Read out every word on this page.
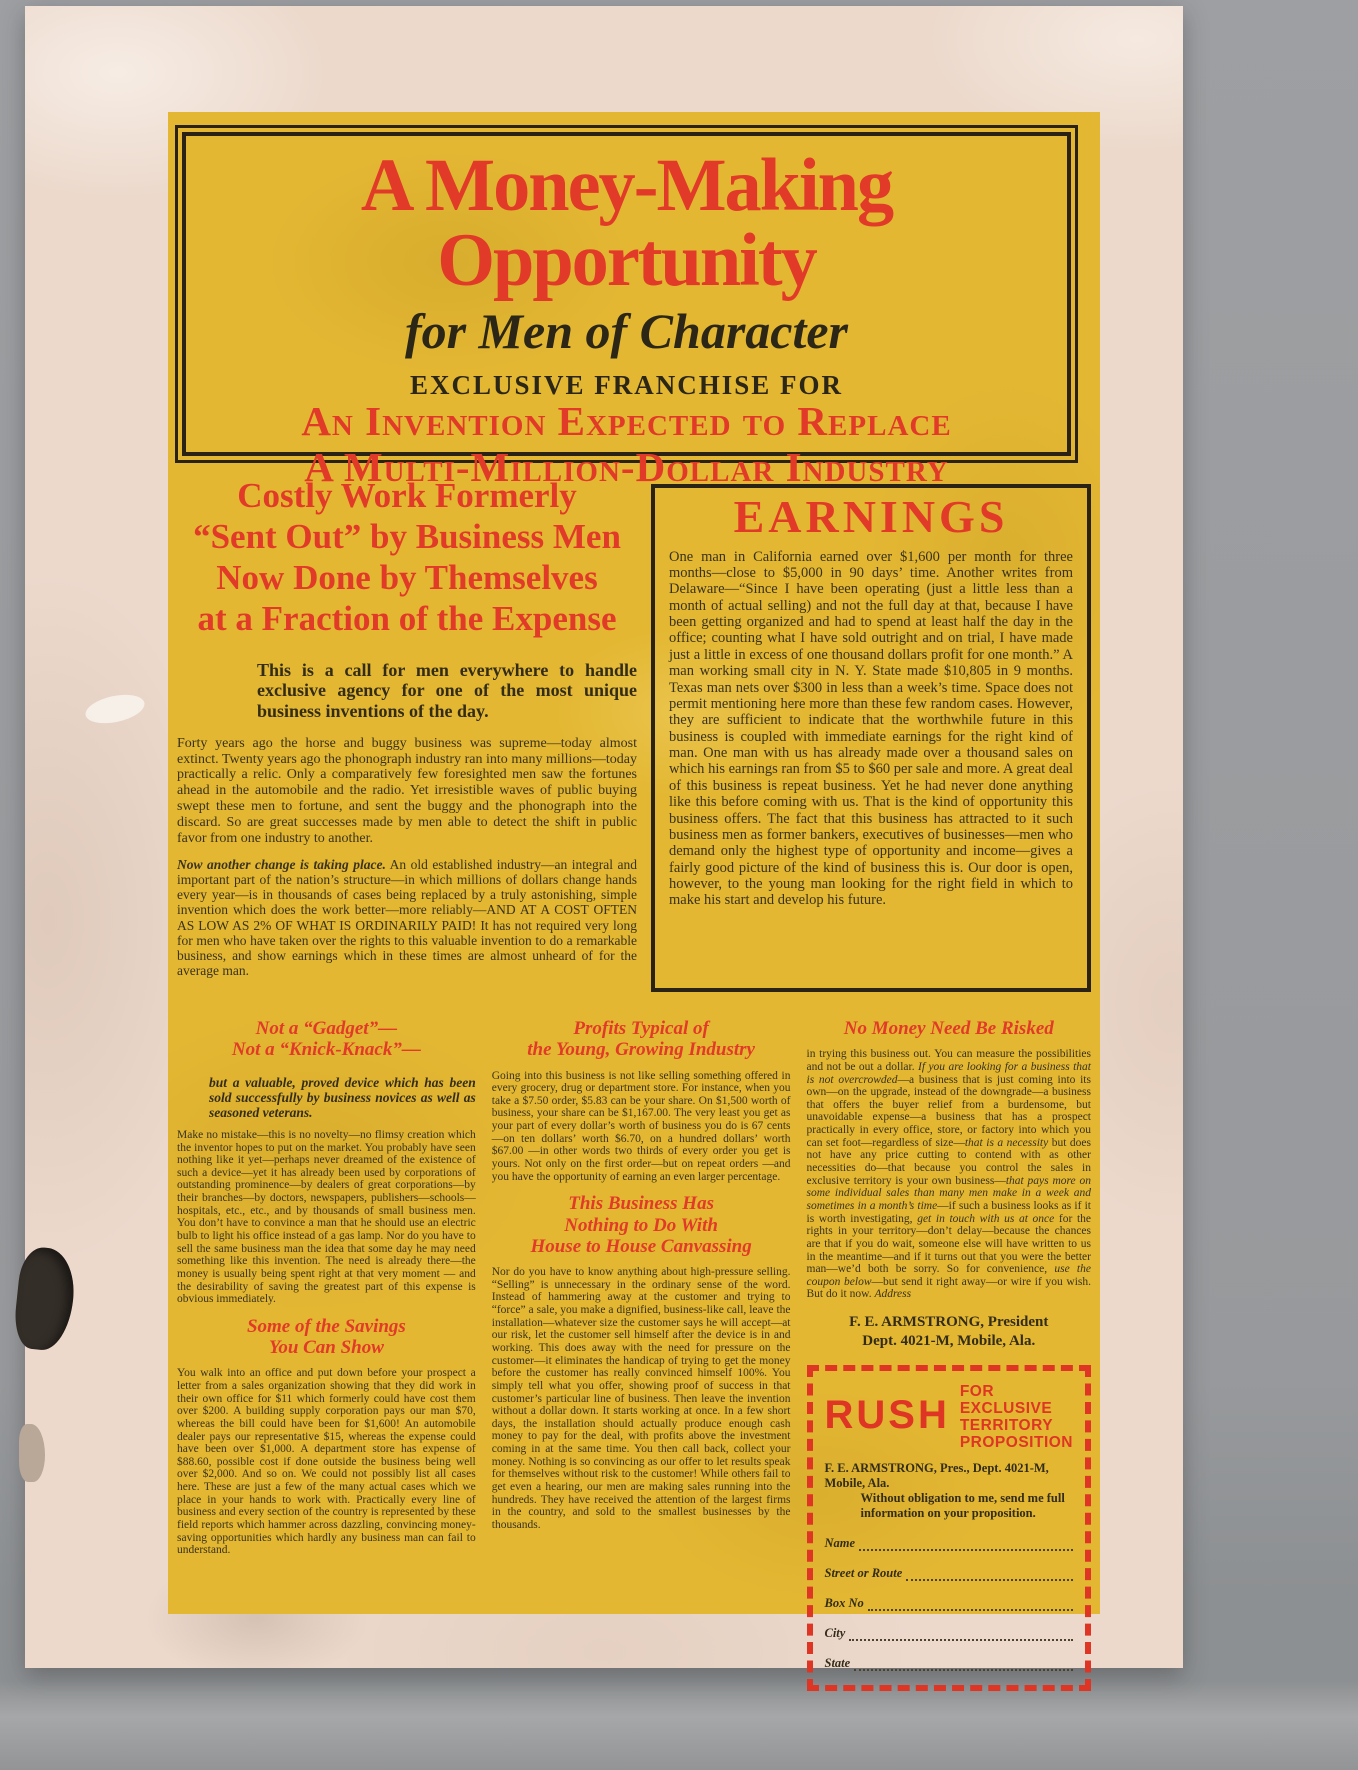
A Money-Making Opportunity
for Men of Character
EXCLUSIVE FRANCHISE FOR
An Invention Expected to Replace
A Multi-Million-Dollar Industry
Costly Work Formerly
“Sent Out” by Business Men
Now Done by Themselves
at a Fraction of the Expense

This is a call for men everywhere to handle exclusive agency for one of the most unique business inventions of the day.

Forty years ago the horse and buggy business was supreme—today almost extinct. Twenty years ago the phonograph industry ran into many millions—today practically a relic. Only a comparatively few foresighted men saw the fortunes ahead in the automobile and the radio. Yet irresistible waves of public buying swept these men to fortune, and sent the buggy and the phonograph into the discard. So are great successes made by men able to detect the shift in public favor from one industry to another.

Now another change is taking place. An old established industry—an integral and important part of the nation’s structure—in which millions of dollars change hands every year—is in thousands of cases being replaced by a truly astonishing, simple invention which does the work better—more reliably—AND AT A COST OFTEN AS LOW AS 2% OF WHAT IS ORDINARILY PAID! It has not required very long for men who have taken over the rights to this valuable invention to do a remarkable business, and show earnings which in these times are almost unheard of for the average man.

EARNINGS

One man in California earned over $1,600 per month for three months—close to $5,000 in 90 days’ time. Another writes from Delaware—“Since I have been operating (just a little less than a month of actual selling) and not the full day at that, because I have been getting organized and had to spend at least half the day in the office; counting what I have sold outright and on trial, I have made just a little in excess of one thousand dollars profit for one month.” A man working small city in N. Y. State made $10,805 in 9 months. Texas man nets over $300 in less than a week’s time. Space does not permit mentioning here more than these few random cases. However, they are sufficient to indicate that the worthwhile future in this business is coupled with immediate earnings for the right kind of man. One man with us has already made over a thousand sales on which his earnings ran from $5 to $60 per sale and more. A great deal of this business is repeat business. Yet he had never done anything like this before coming with us. That is the kind of opportunity this business offers. The fact that this business has attracted to it such business men as former bankers, executives of businesses—men who demand only the highest type of opportunity and income—gives a fairly good picture of the kind of business this is. Our door is open, however, to the young man looking for the right field in which to make his start and develop his future.

Not a “Gadget”—
Not a “Knick-Knack”—

but a valuable, proved device which has been sold successfully by business novices as well as seasoned veterans.

Make no mistake—this is no novelty—no flimsy creation which the inventor hopes to put on the market. You probably have seen nothing like it yet—perhaps never dreamed of the existence of such a device—yet it has already been used by corporations of outstanding prominence—by dealers of great corporations—by their branches—by doctors, newspapers, publishers—schools—hospitals, etc., etc., and by thousands of small business men. You don’t have to convince a man that he should use an electric bulb to light his office instead of a gas lamp. Nor do you have to sell the same business man the idea that some day he may need something like this invention. The need is already there—the money is usually being spent right at that very moment — and the desirability of saving the greatest part of this expense is obvious immediately.

Some of the Savings
You Can Show

You walk into an office and put down before your prospect a letter from a sales organization showing that they did work in their own office for $11 which formerly could have cost them over $200. A building supply corporation pays our man $70, whereas the bill could have been for $1,600! An automobile dealer pays our representative $15, whereas the expense could have been over $1,000. A department store has expense of $88.60, possible cost if done outside the business being well over $2,000. And so on. We could not possibly list all cases here. These are just a few of the many actual cases which we place in your hands to work with. Practically every line of business and every section of the country is represented by these field reports which hammer across dazzling, convincing money-saving opportunities which hardly any business man can fail to understand.

Profits Typical of
the Young, Growing Industry

Going into this business is not like selling something offered in every grocery, drug or department store. For instance, when you take a $7.50 order, $5.83 can be your share. On $1,500 worth of business, your share can be $1,167.00. The very least you get as your part of every dollar’s worth of business you do is 67 cents—on ten dollars’ worth $6.70, on a hundred dollars’ worth $67.00 —in other words two thirds of every order you get is yours. Not only on the first order—but on repeat orders —and you have the opportunity of earning an even larger percentage.

This Business Has
Nothing to Do With
House to House Canvassing

Nor do you have to know anything about high-pressure selling. “Selling” is unnecessary in the ordinary sense of the word. Instead of hammering away at the customer and trying to “force” a sale, you make a dignified, business-like call, leave the installation—whatever size the customer says he will accept—at our risk, let the customer sell himself after the device is in and working. This does away with the need for pressure on the customer—it eliminates the handicap of trying to get the money before the customer has really convinced himself 100%. You simply tell what you offer, showing proof of success in that customer’s particular line of business. Then leave the invention without a dollar down. It starts working at once. In a few short days, the installation should actually produce enough cash money to pay for the deal, with profits above the investment coming in at the same time. You then call back, collect your money. Nothing is so convincing as our offer to let results speak for themselves without risk to the customer! While others fail to get even a hearing, our men are making sales running into the hundreds. They have received the attention of the largest firms in the country, and sold to the smallest businesses by the thousands.

No Money Need Be Risked

in trying this business out. You can measure the possibilities and not be out a dollar. If you are looking for a business that is not overcrowded—a business that is just coming into its own—on the upgrade, instead of the downgrade—a business that offers the buyer relief from a burdensome, but unavoidable expense—a business that has a prospect practically in every office, store, or factory into which you can set foot—regardless of size—that is a necessity but does not have any price cutting to contend with as other necessities do—that because you control the sales in exclusive territory is your own business—that pays more on some individual sales than many men make in a week and sometimes in a month’s time—if such a business looks as if it is worth investigating, get in touch with us at once for the rights in your territory—don’t delay—because the chances are that if you do wait, someone else will have written to us in the meantime—and if it turns out that you were the better man—we’d both be sorry. So for convenience, use the coupon below—but send it right away—or wire if you wish. But do it now. Address

F. E. ARMSTRONG, President
Dept. 4021-M, Mobile, Ala.
RUSH
FOR EXCLUSIVE
TERRITORY PROPOSITION
F. E. ARMSTRONG, Pres., Dept. 4021-M, Mobile, Ala.
Without obligation to me, send me full information on your proposition.
Name
Street or Route
Box No
City
State
